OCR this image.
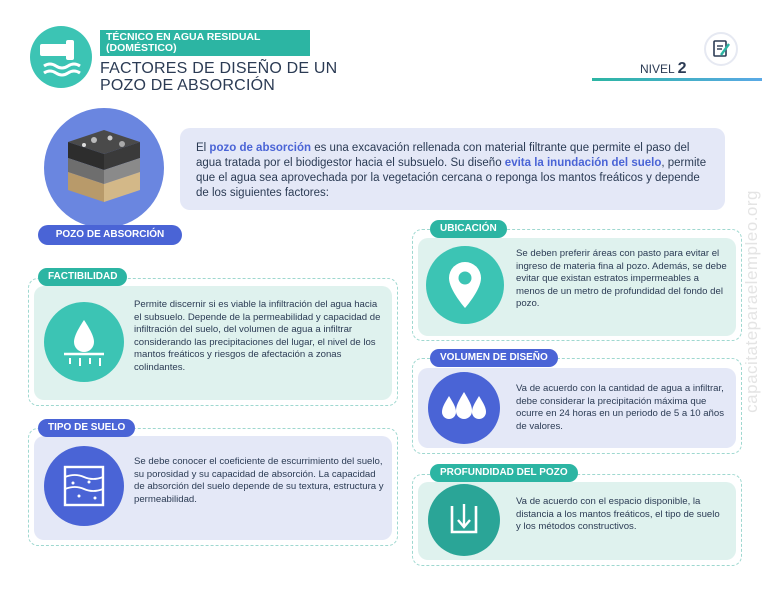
TÉCNICO EN AGUA RESIDUAL (DOMÉSTICO)
FACTORES DE DISEÑO DE UN POZO DE ABSORCIÓN
NIVEL 2
El pozo de absorción es una excavación rellenada con material filtrante que permite el paso del agua tratada por el biodigestor hacia el subsuelo. Su diseño evita la inundación del suelo, permite que el agua sea aprovechada por la vegetación cercana o reponga los mantos freáticos y depende de los siguientes factores:
POZO DE ABSORCIÓN
FACTIBILIDAD
Permite discernir si es viable la infiltración del agua hacia el subsuelo. Depende de la permeabilidad y capacidad de infiltración del suelo, del volumen de agua a infiltrar considerando las precipitaciones del lugar, el nivel de los mantos freáticos y riesgos de afectación a zonas colindantes.
TIPO DE SUELO
Se debe conocer el coeficiente de escurrimiento del suelo, su porosidad y su capacidad de absorción. La capacidad de absorción del suelo depende de su textura, estructura y permeabilidad.
UBICACIÓN
Se deben preferir áreas con pasto para evitar el ingreso de materia fina al pozo. Además, se debe evitar que existan estratos impermeables a menos de un metro de profundidad del fondo del pozo.
VOLUMEN DE DISEÑO
Va de acuerdo con la cantidad de agua a infiltrar, debe considerar la precipitación máxima que ocurre en 24 horas en un periodo de 5 a 10 años de valores.
PROFUNDIDAD DEL POZO
Va de acuerdo con el espacio disponible, la distancia a los mantos freáticos, el tipo de suelo y los métodos constructivos.
capacitateparaelempleo.org
